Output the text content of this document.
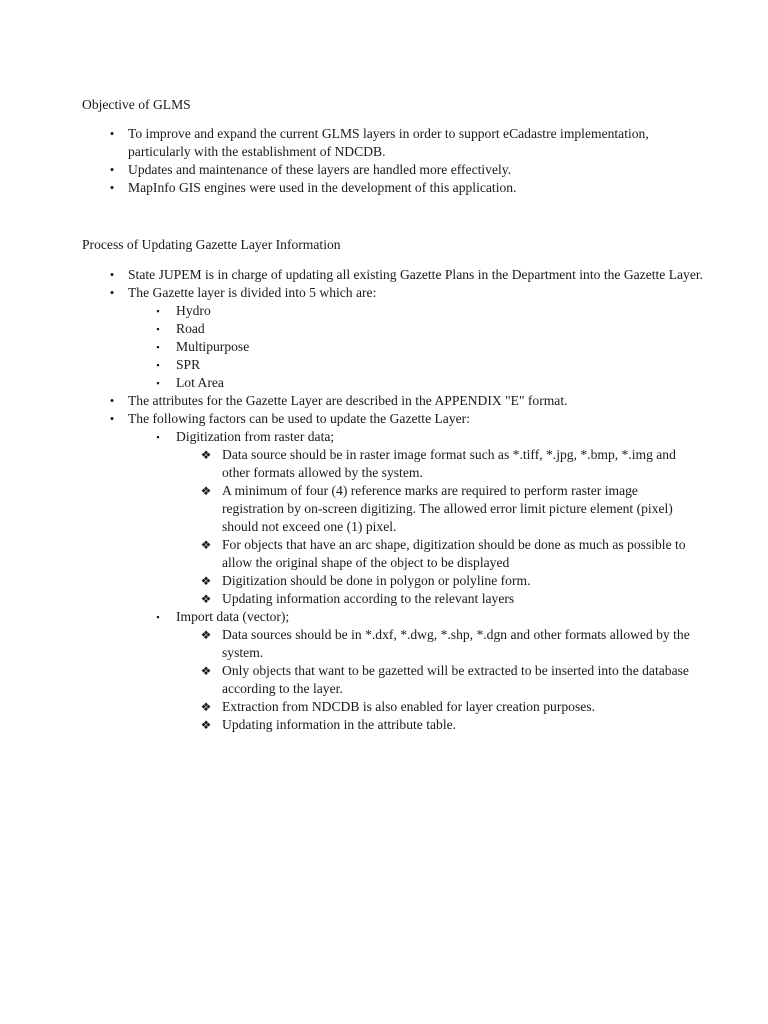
Objective of GLMS

•	To improve and expand the current GLMS layers in order to support eCadastre implementation, particularly with the establishment of NDCDB.
•	Updates and maintenance of these layers are handled more effectively.
•	MapInfo GIS engines were used in the development of this application.

Process of Updating Gazette Layer Information

•	State JUPEM is in charge of updating all existing Gazette Plans in the Department into the Gazette Layer.
•	The Gazette layer is divided into 5 which are:
▪	Hydro
▪	Road
▪	Multipurpose
▪	SPR
▪	Lot Area
•	The attributes for the Gazette Layer are described in the APPENDIX "E" format.
•	The following factors can be used to update the Gazette Layer:
▪	Digitization from raster data;
❖ Data source should be in raster image format such as *.tiff, *.jpg, *.bmp, *.img and other formats allowed by the system.
❖ A minimum of four (4) reference marks are required to perform raster image registration by on-screen digitizing. The allowed error limit picture element (pixel) should not exceed one (1) pixel.
❖ For objects that have an arc shape, digitization should be done as much as possible to allow the original shape of the object to be displayed
❖ Digitization should be done in polygon or polyline form.
❖ Updating information according to the relevant layers
▪	Import data (vector);
❖ Data sources should be in *.dxf, *.dwg, *.shp, *.dgn and other formats allowed by the system.
❖ Only objects that want to be gazetted will be extracted to be inserted into the database according to the layer.
❖ Extraction from NDCDB is also enabled for layer creation purposes.
❖ Updating information in the attribute table.
